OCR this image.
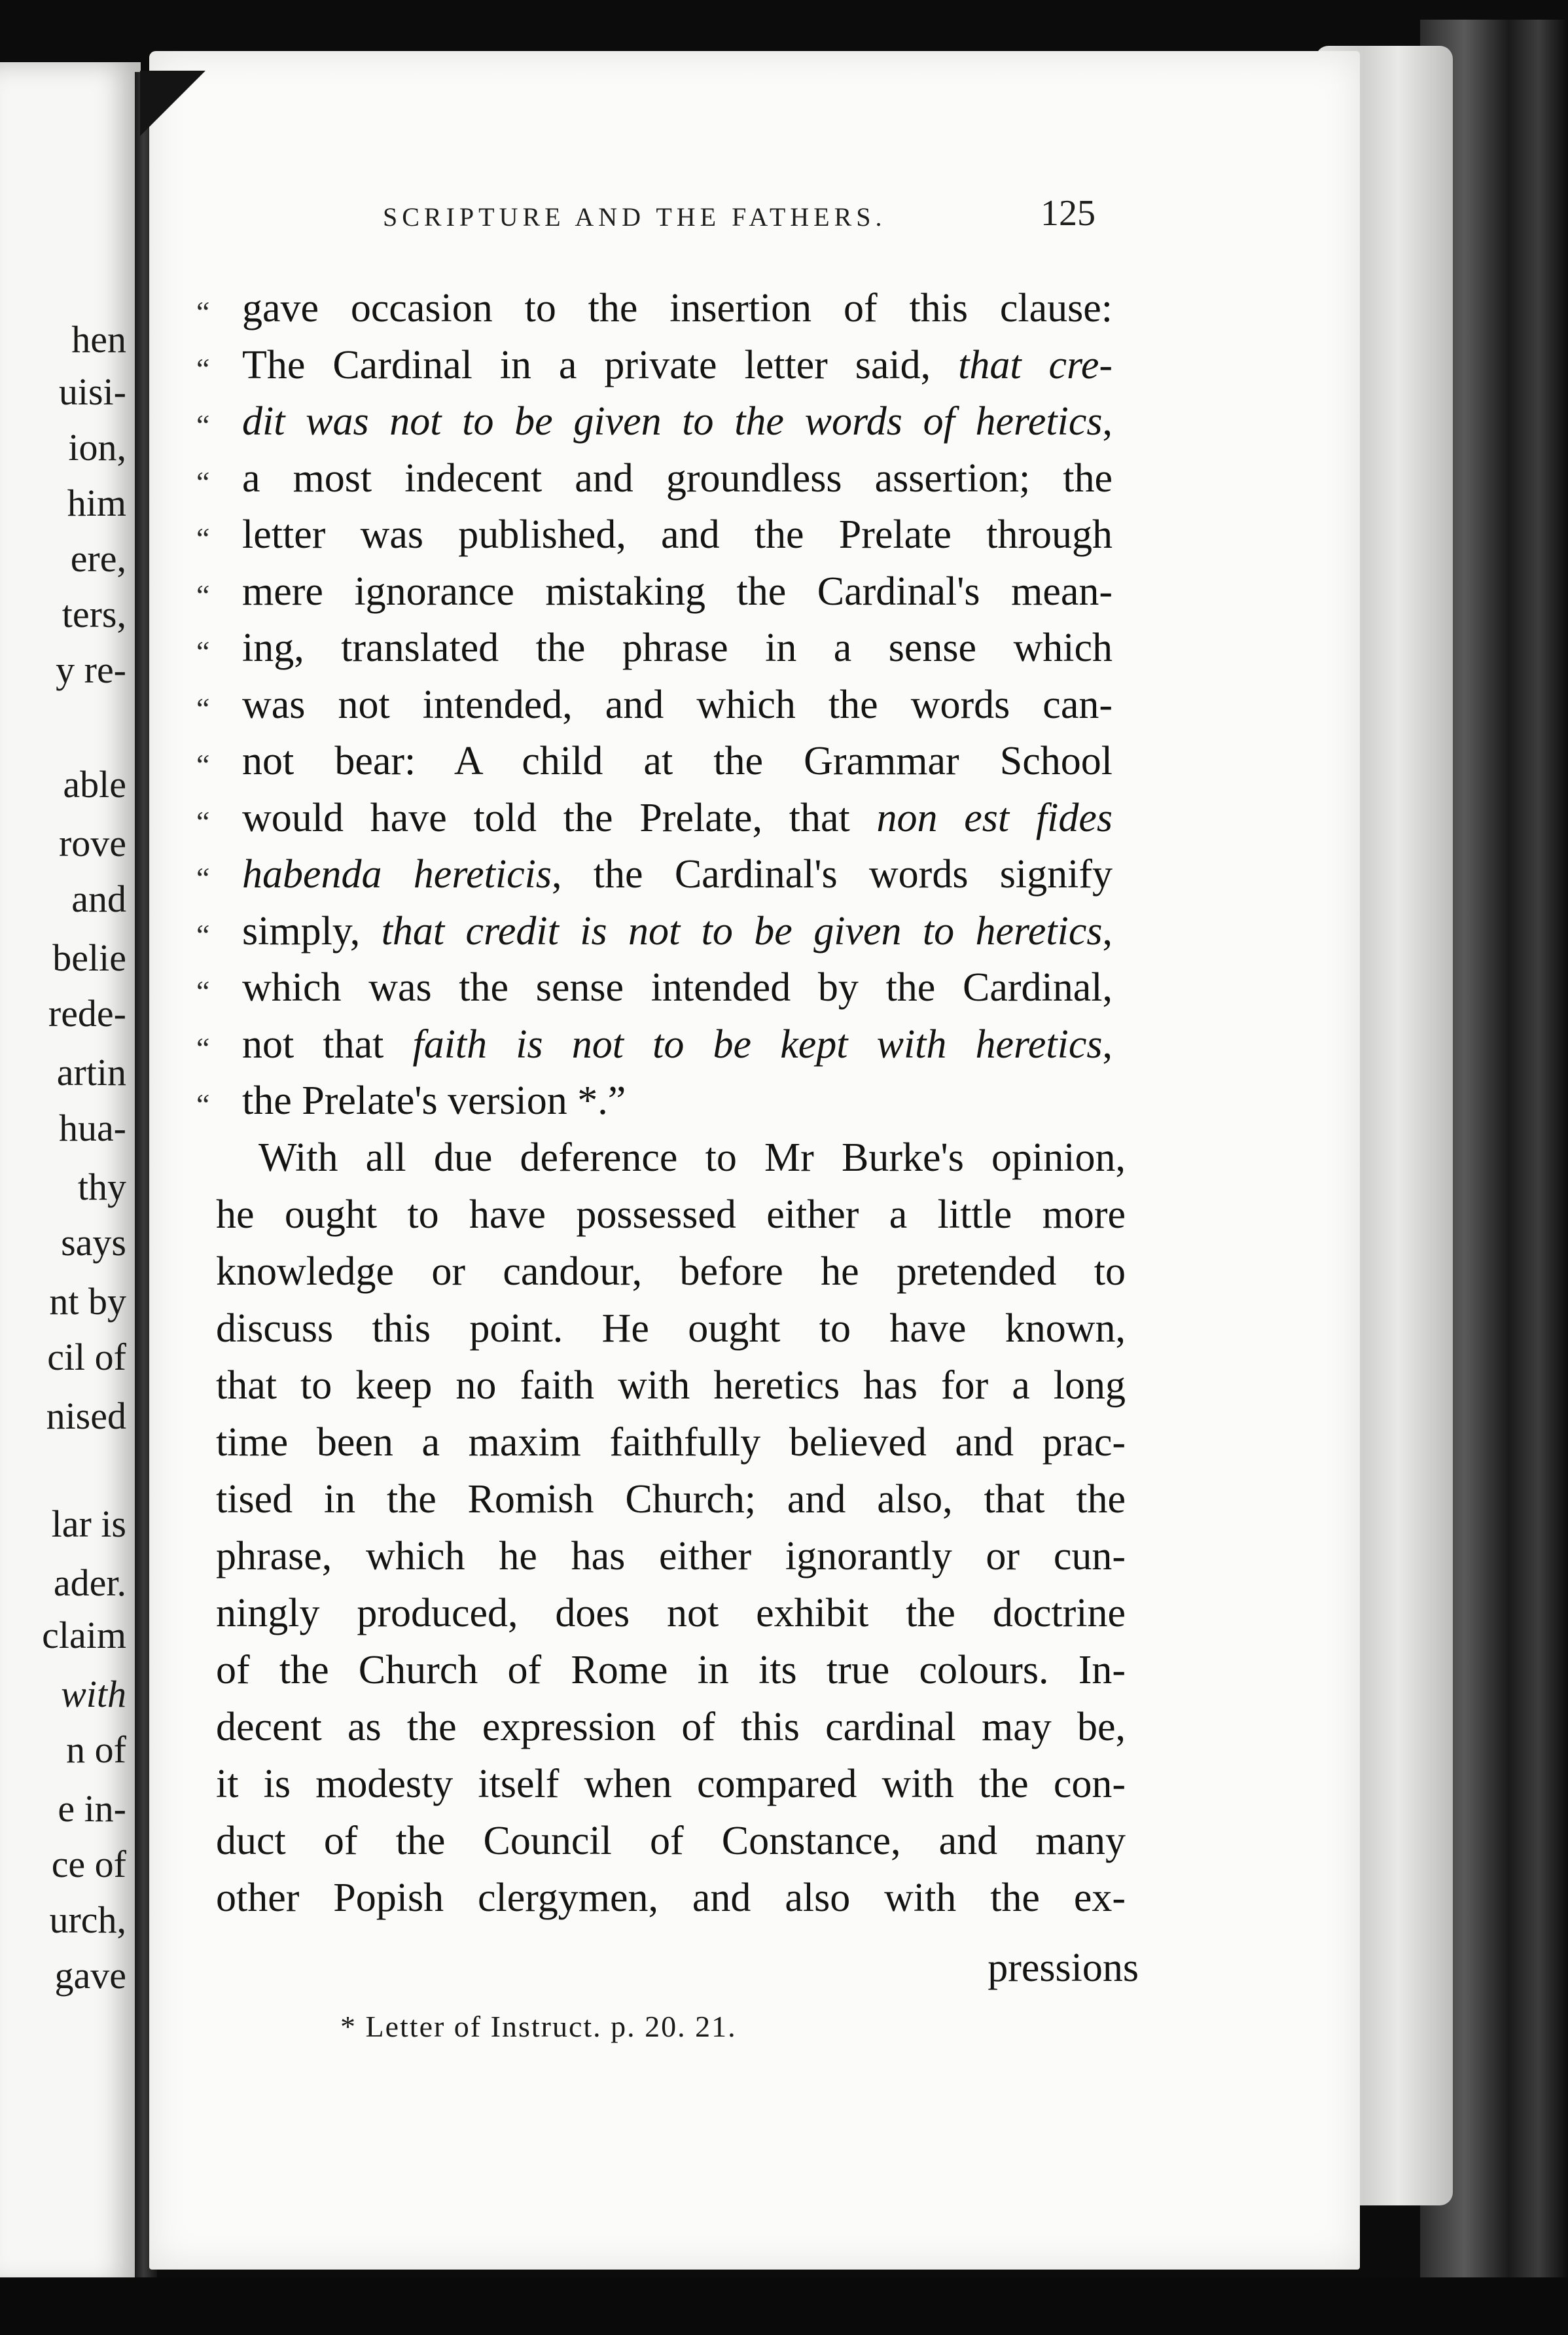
hen
uisi-
ion,
him
ere,
ters,
y re-
able
rove
and
belie
rede-
artin
hua-
thy
says
nt by
cil of
nised
lar is
ader.
claim
with
n of
e in-
ce of
urch,
gave
SCRIPTURE AND THE FATHERS.	125
“ gave occasion to the insertion of this clause:
“ The Cardinal in a private letter said, that cre-
“ dit was not to be given to the words of heretics,
“ a most indecent and groundless assertion; the
“ letter was published, and the Prelate through
“ mere ignorance mistaking the Cardinal's mean-
“ ing, translated the phrase in a sense which
“ was not intended, and which the words can-
“ not bear: A child at the Grammar School
“ would have told the Prelate, that non est fides
“ habenda hereticis, the Cardinal's words signify
“ simply, that credit is not to be given to heretics,
“ which was the sense intended by the Cardinal,
“ not that faith is not to be kept with heretics,
“ the Prelate's version *.”
With all due deference to Mr Burke's opinion,
he ought to have possessed either a little more
knowledge or candour, before he pretended to
discuss this point. He ought to have known,
that to keep no faith with heretics has for a long
time been a maxim faithfully believed and prac-
tised in the Romish Church; and also, that the
phrase, which he has either ignorantly or cun-
ningly produced, does not exhibit the doctrine
of the Church of Rome in its true colours. In-
decent as the expression of this cardinal may be,
it is modesty itself when compared with the con-
duct of the Council of Constance, and many
other Popish clergymen, and also with the ex-
pressions
* Letter of Instruct. p. 20. 21.
